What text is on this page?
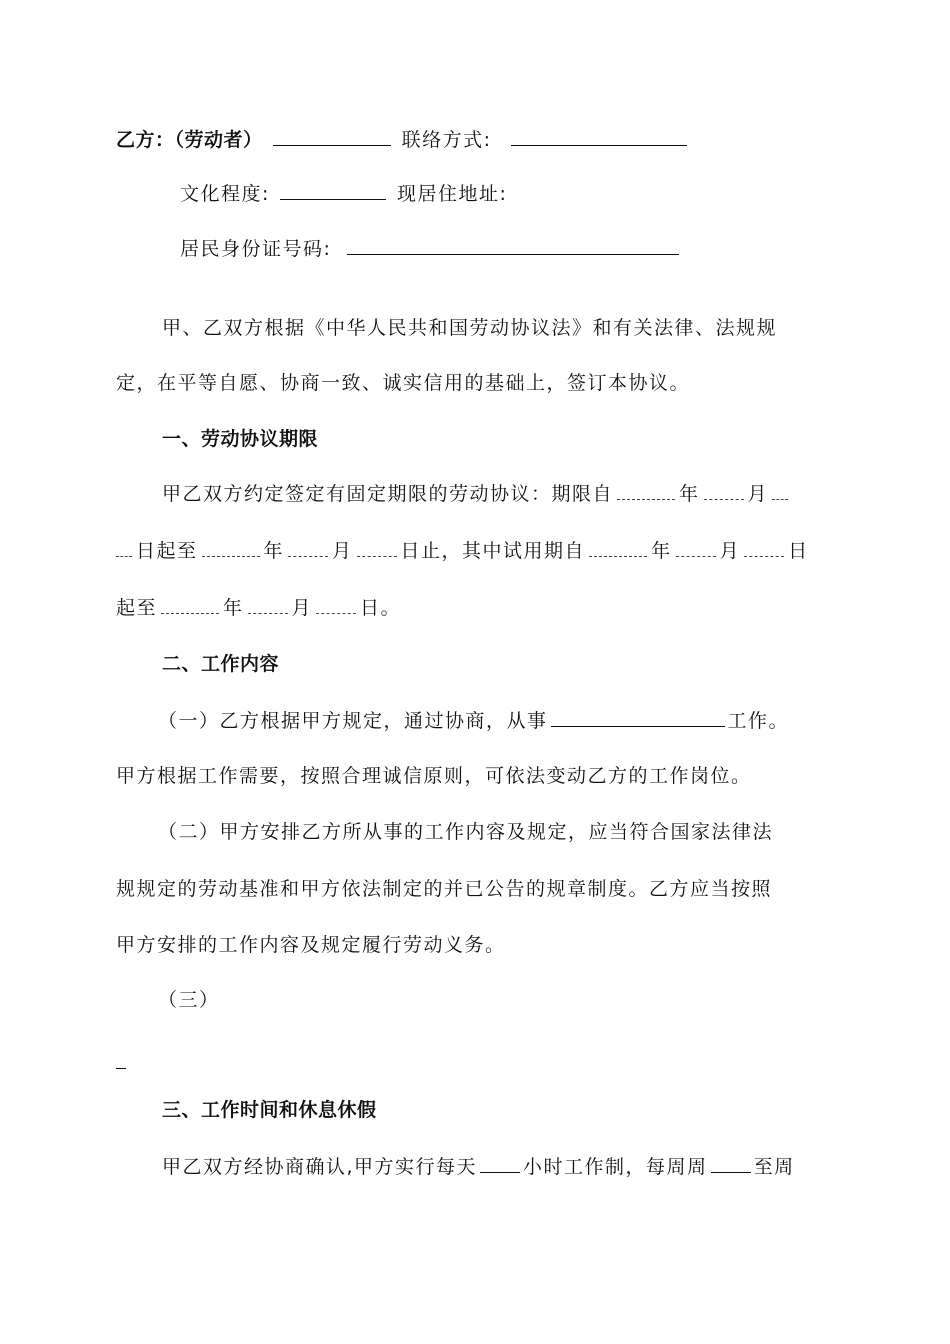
乙方：（劳动者）	联络方式:
文化程度:	现居住地址:
居民身份证号码:
甲、乙双方根据《中华人民共和国劳动协议法》和有关法律、法规规
定，在平等自愿、协商一致、诚实信用的基础上，签订本协议。
一、劳动协议期限
甲乙双方约定签定有固定期限的劳动协议：期限自	年	月
日起至	年	月	日止，其中试用期自	年	月	日
起至	年	月	日。
二、工作内容
（一）乙方根据甲方规定，通过协商，从事	工作。
甲方根据工作需要，按照合理诚信原则，可依法变动乙方的工作岗位。
（二）甲方安排乙方所从事的工作内容及规定，应当符合国家法律法
规规定的劳动基准和甲方依法制定的并已公告的规章制度。乙方应当按照
甲方安排的工作内容及规定履行劳动义务。
（三）
三、工作时间和休息休假
甲乙双方经协商确认,甲方实行每天 小时工作制，每周周 至周
